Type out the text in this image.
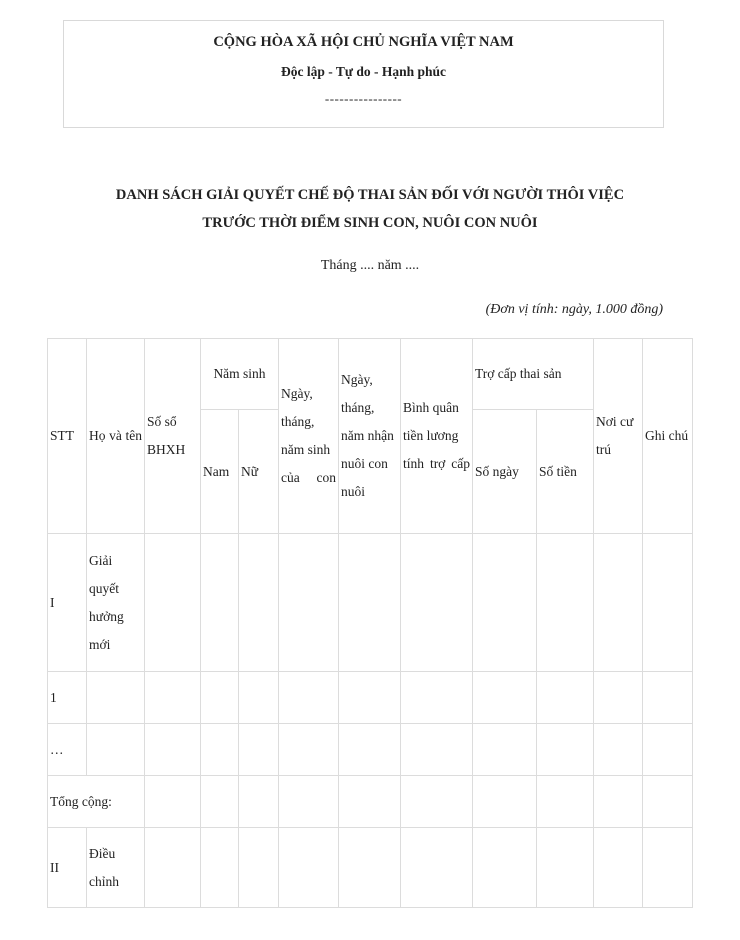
CỘNG HÒA XÃ HỘI CHỦ NGHĨA VIỆT NAM
Độc lập - Tự do - Hạnh phúc
----------------
DANH SÁCH GIẢI QUYẾT CHẾ ĐỘ THAI SẢN ĐỐI VỚI NGƯỜI THÔI VIỆC
TRƯỚC THỜI ĐIỂM SINH CON, NUÔI CON NUÔI
Tháng .... năm ....
(Đơn vị tính: ngày, 1.000 đồng)
STT	Họ và tên	Số sổ BHXH	Năm sinh		Ngày, tháng, năm sinh của con	Ngày, tháng, năm nhận nuôi con nuôi	Bình quân tiền lương tính trợ cấp	Trợ cấp thai sản		Nơi cư trú	Ghi chú
			Nam	Nữ				Số ngày	Số tiền		
I	Giải quyết hưởng mới										
1											
…											
Tổng cộng:											
II	Điều chỉnh										
